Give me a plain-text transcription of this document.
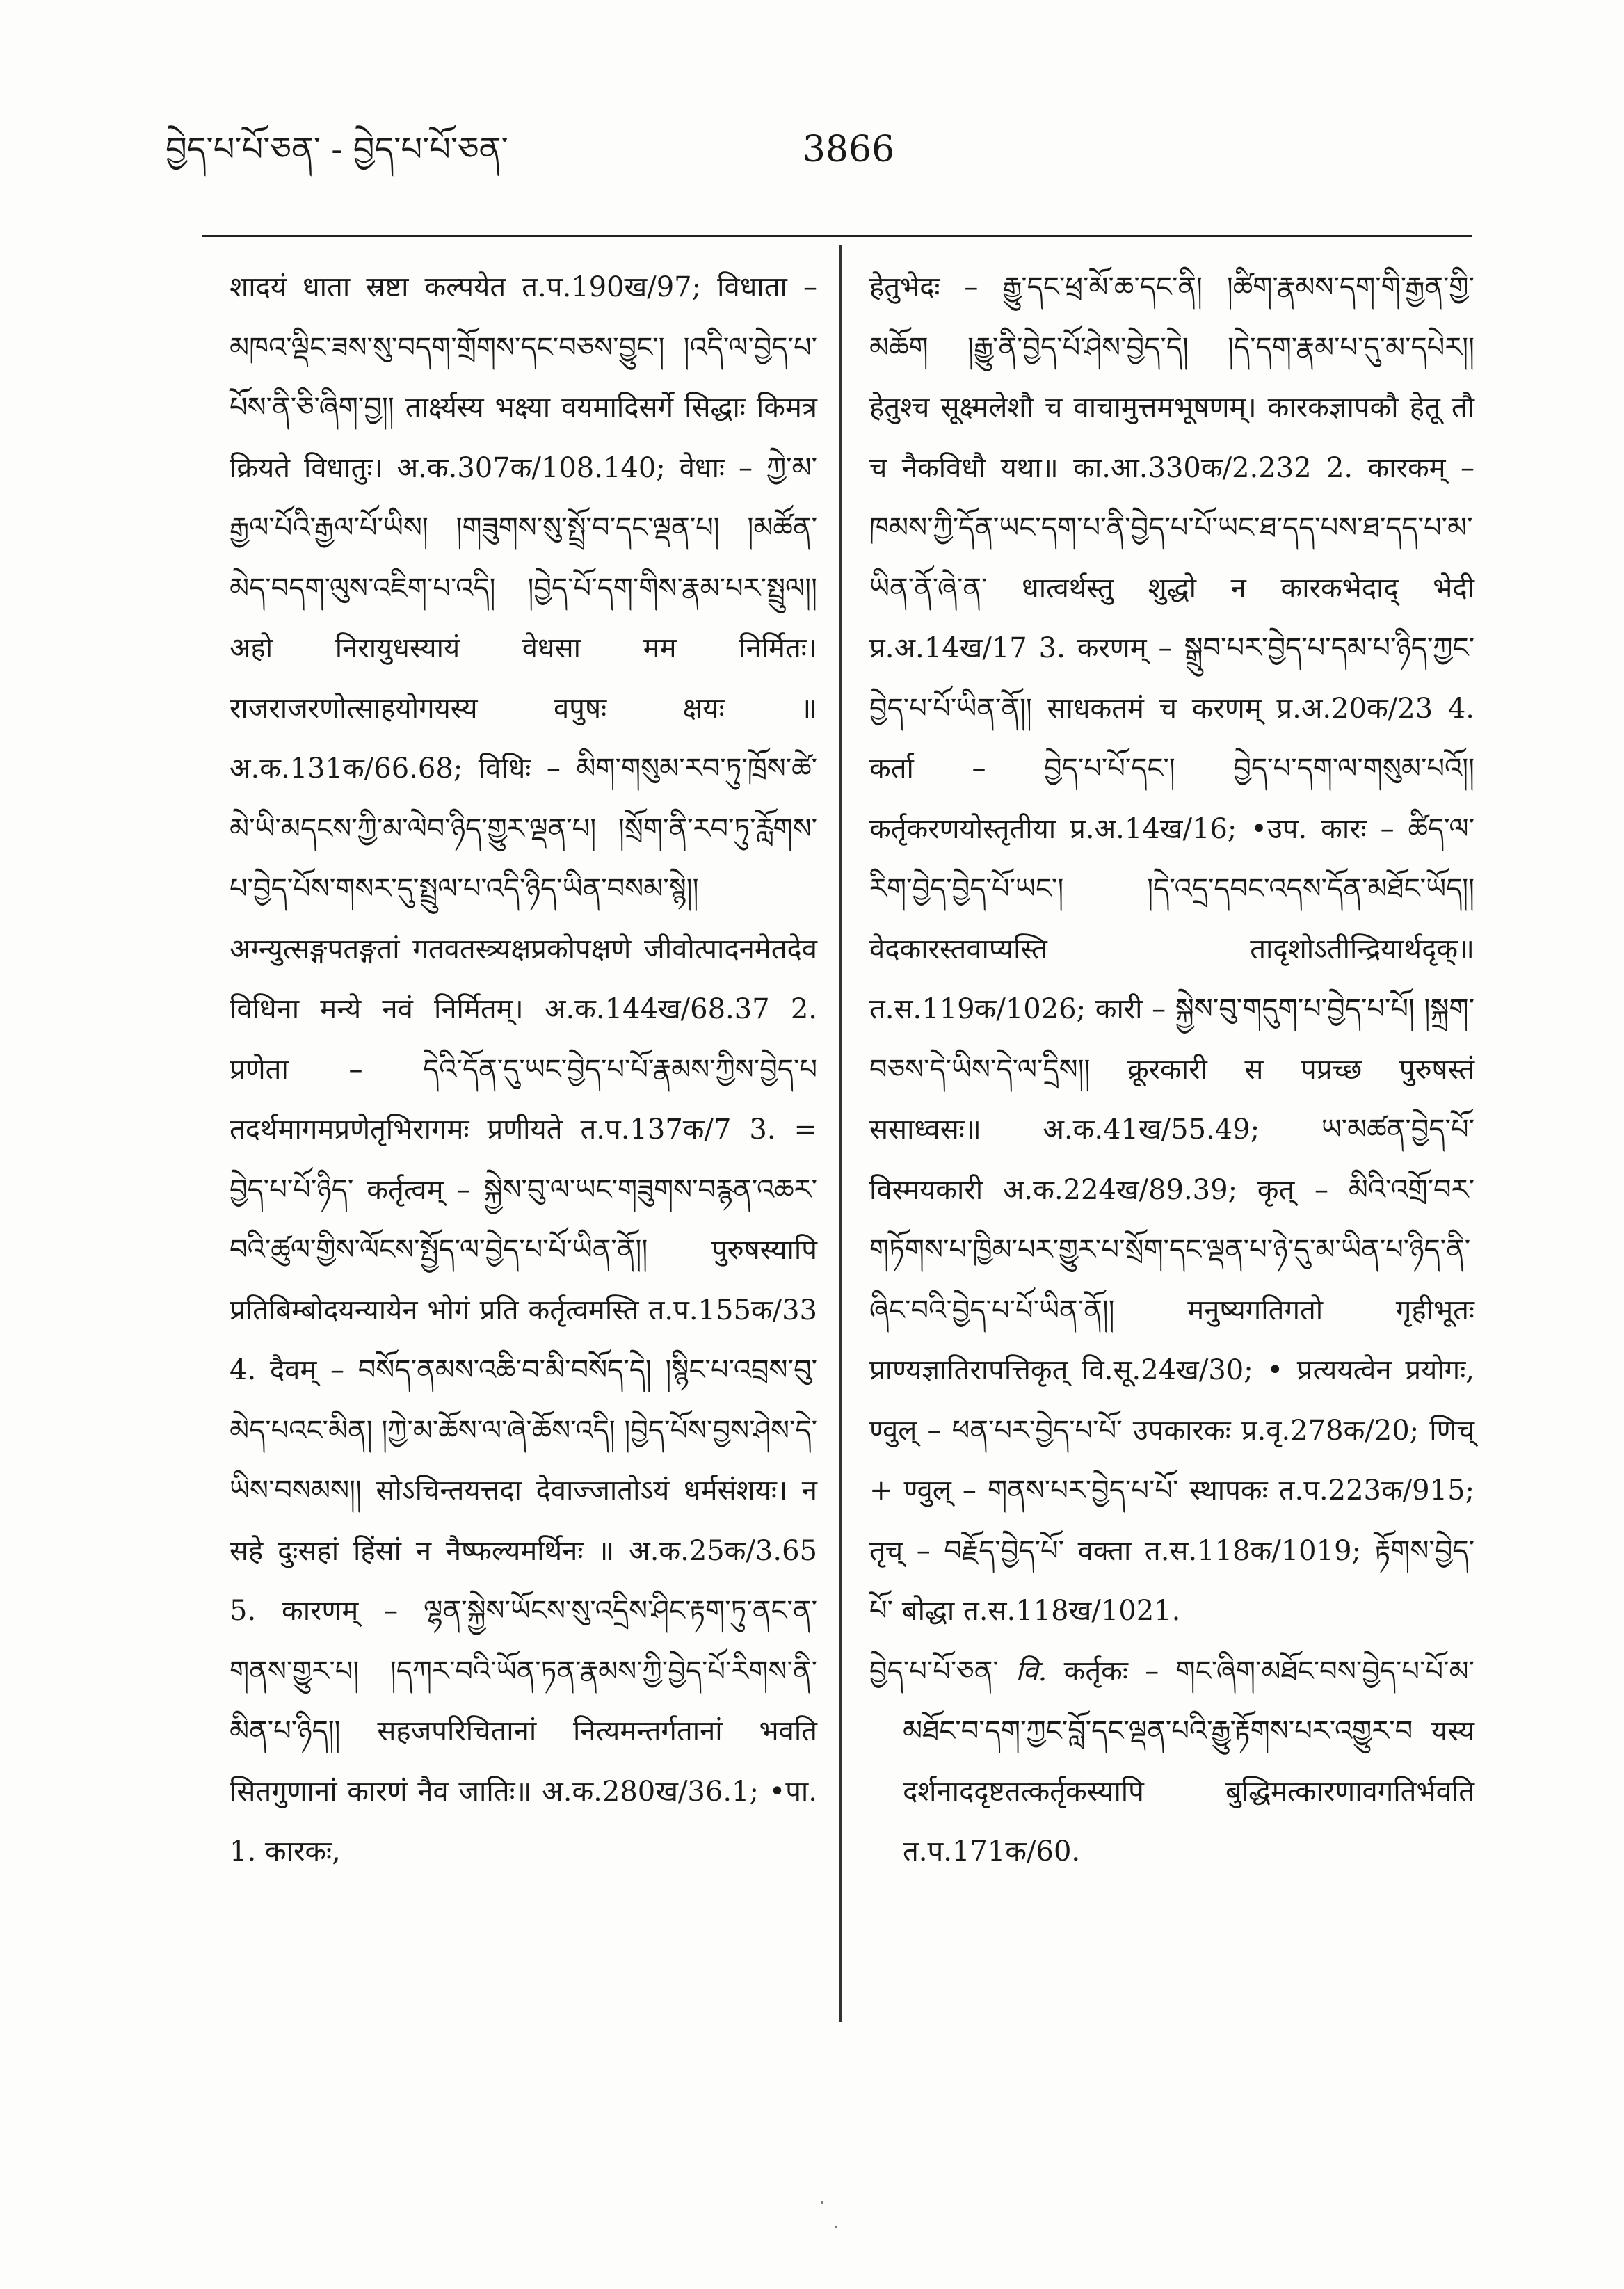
བྱེད་པ་པོ་ཅན་ - བྱེད་པ་པོ་ཅན་	3866

शादयं धाता स्रष्टा कल्पयेत त.प.190ख/97; विधाता – མཁའ་ལྡིང་ཟས་སུ་བདག་གྲོགས་དང་བཅས་བྱུང་། །འདི་ལ་བྱེད་པ་པོས་ནི་ཅི་ཞིག་བྱ།། तार्क्ष्यस्य भक्ष्या वयमादिसर्गे सिद्धाः किमत्र क्रियते विधातुः। अ.क.307क/108.140; वेधाः – ཀྱེ་མ་རྒྱལ་པོའི་རྒྱལ་པོ་ཡིས། །གཟུགས་སུ་སྤྲོ་བ་དང་ལྡན་པ། །མཚོན་མེད་བདག་ལུས་འཇིག་པ་འདི། །བྱེད་པོ་དག་གིས་རྣམ་པར་སྤྲུལ།། अहो निरायुधस्यायं वेधसा मम निर्मितः। राजराजरणोत्साहयोगयस्य वपुषः क्षयः ॥ अ.क.131क/66.68; विधिः – མིག་གསུམ་རབ་ཏུ་ཁྲོས་ཚེ་མེ་ཡི་མདངས་ཀྱི་མ་ལེབ་ཉིད་གྱུར་ལྡན་པ། །སྲོག་ནི་རབ་ཏུ་རློགས་པ་བྱེད་པོས་གསར་དུ་སྤྲུལ་པ་འདི་ཉིད་ཡིན་བསམ་སྙེ།། अग्न्युत्सङ्गपतङ्गतां गतवतस्त्र्यक्षप्रकोपक्षणे जीवोत्पादनमेतदेव विधिना मन्ये नवं निर्मितम्। अ.क.144ख/68.37 2. प्रणेता – དེའི་དོན་དུ་ཡང་བྱེད་པ་པོ་རྣམས་ཀྱིས་བྱེད་པ तदर्थमागमप्रणेतृभिरागमः प्रणीयते त.प.137क/7 3. = བྱེད་པ་པོ་ཉིད་ कर्तृत्वम् – སྐྱེས་བུ་ལ་ཡང་གཟུགས་བརྙན་འཆར་བའི་ཚུལ་གྱིས་ལོངས་སྤྱོད་ལ་བྱེད་པ་པོ་ཡིན་ནོ།། पुरुषस्यापि प्रतिबिम्बोदयन्यायेन भोगं प्रति कर्तृत्वमस्ति त.प.155क/33 4. दैवम् – བསོད་ནམས་འཆི་བ་མི་བསོད་དེ། །སྙིང་པ་འབྲས་བུ་མེད་པའང་མིན། །ཀྱེ་མ་ཆོས་ལ་ཞེ་ཆོས་འདི། །བྱེད་པོས་བྱས་ཤེས་དེ་ཡིས་བསམས།། सोऽचिन्तयत्तदा देवाज्जातोऽयं धर्मसंशयः। न सहे दुःसहां हिंसां न नैष्फल्यमर्थिनः ॥ अ.क.25क/3.65 5. कारणम् – ལྷན་སྐྱེས་ཡོངས་སུ་འདྲིས་ཤིང་རྟག་ཏུ་ནང་ན་གནས་གྱུར་པ། །དཀར་བའི་ཡོན་ཏན་རྣམས་ཀྱི་བྱེད་པོ་རིགས་ནི་མིན་པ་ཉིད།། सहजपरिचितानां नित्यमन्तर्गतानां भवति सितगुणानां कारणं नैव जातिः॥ अ.क.280ख/36.1; •पा. 1. कारकः,

हेतुभेदः – རྒྱུ་དང་ཕྲ་མོ་ཆ་དང་ནི། །ཚིག་རྣམས་དག་གི་རྒྱན་གྱི་མཆོག །རྒྱུ་ནི་བྱེད་པོ་ཤེས་བྱེད་དེ། །དེ་དག་རྣམ་པ་དུ་མ་དཔེར།། हेतुश्च सूक्ष्मलेशौ च वाचामुत्तमभूषणम्। कारकज्ञापकौ हेतू तौ च नैकविधौ यथा॥ का.आ.330क/2.232 2. कारकम् – ཁམས་ཀྱི་དོན་ཡང་དག་པ་ནི་བྱེད་པ་པོ་ཡང་ཐ་དད་པས་ཐ་དད་པ་མ་ཡིན་ནོ་ཞེ་ན་ धात्वर्थस्तु शुद्धो न कारकभेदाद् भेदी प्र.अ.14ख/17 3. करणम् – སྒྲུབ་པར་བྱེད་པ་དམ་པ་ཉིད་ཀྱང་བྱེད་པ་པོ་ཡིན་ནོ།། साधकतमं च करणम् प्र.अ.20क/23 4. कर्ता – བྱེད་པ་པོ་དང་། བྱེད་པ་དག་ལ་གསུམ་པའོ།། कर्तृकरणयोस्तृतीया प्र.अ.14ख/16; •उप. कारः – ཚིད་ལ་རིག་བྱེད་བྱེད་པོ་ཡང་། །དེ་འདྲ་དབང་འདས་དོན་མཐོང་ཡོད།། वेदकारस्तवाप्यस्ति तादृशोऽतीन्द्रियार्थदृक्॥ त.स.119क/1026; कारी – སྐྱེས་བུ་གདུག་པ་བྱེད་པ་པོ། །སྐྲག་བཅས་དེ་ཡིས་དེ་ལ་དྲིས།། क्रूरकारी स पप्रच्छ पुरुषस्तं ससाध्वसः॥ अ.क.41ख/55.49; ཡ་མཚན་བྱེད་པོ་ विस्मयकारी अ.क.224ख/89.39; कृत् – མིའི་འགྲོ་བར་གཏོགས་པ་ཁྱིམ་པར་གྱུར་པ་སྲོག་དང་ལྡན་པ་ཉེ་དུ་མ་ཡིན་པ་ཉིད་ནི་ཞིང་བའི་བྱེད་པ་པོ་ཡིན་ནོ།། मनुष्यगतिगतो गृहीभूतः प्राण्यज्ञातिरापत्तिकृत् वि.सू.24ख/30; • प्रत्ययत्वेन प्रयोगः, ण्वुल् – ཕན་པར་བྱེད་པ་པོ་ उपकारकः प्र.वृ.278क/20; णिच् + ण्वुल् – གནས་པར་བྱེད་པ་པོ་ स्थापकः त.प.223क/915; तृच् – བརྗོད་བྱེད་པོ་ वक्ता त.स.118क/1019; རྟོགས་བྱེད་པོ་ बोद्धा त.स.118ख/1021.

བྱེད་པ་པོ་ཅན་ वि. कर्तृकः – གང་ཞིག་མཐོང་བས་བྱེད་པ་པོ་མ་མཐོང་བ་དག་ཀྱང་བློ་དང་ལྡན་པའི་རྒྱུ་རྟོགས་པར་འགྱུར་བ यस्य दर्शनाददृष्टतत्कर्तृकस्यापि बुद्धिमत्कारणावगतिर्भवति त.प.171क/60.
